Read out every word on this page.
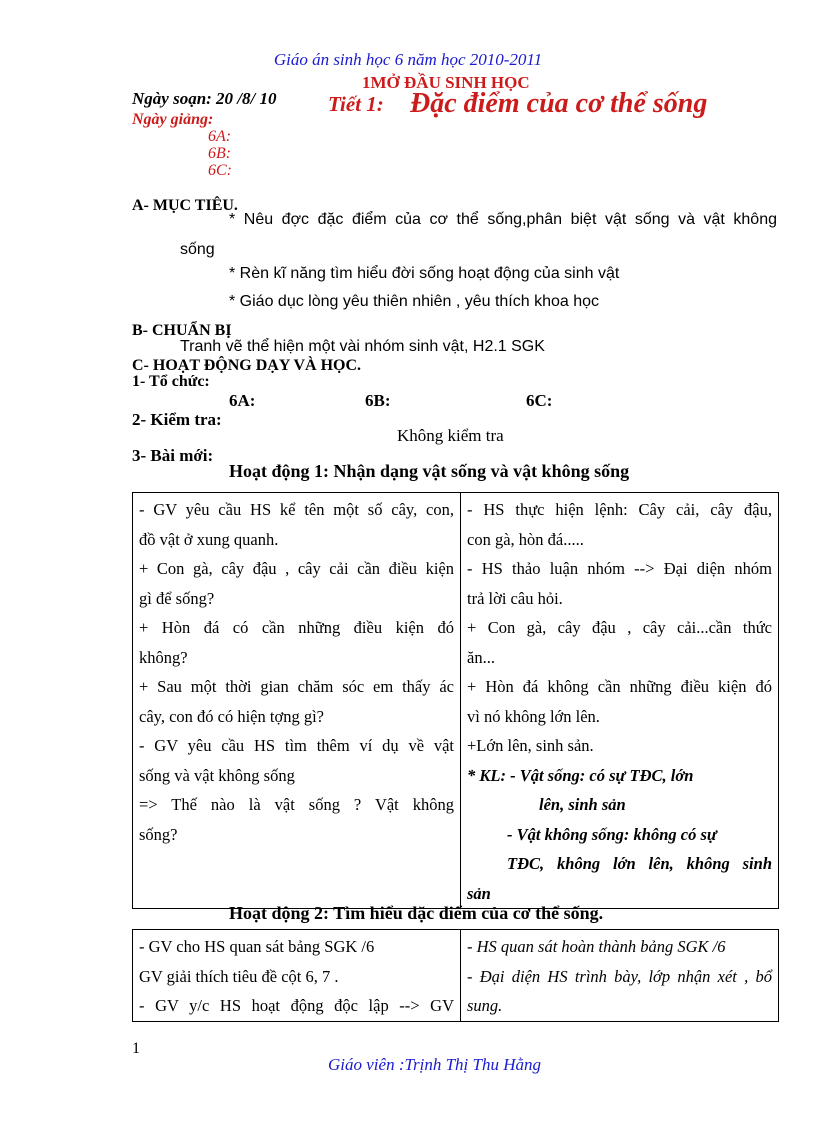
Giáo án sinh học 6 năm học 2010-2011
1MỞ ĐẦU SINH HỌC
Ngày soạn: 20 /8/ 10 Tiết 1: Đặc điểm của cơ thể sống
Ngày giảng:
6A:
6B:
6C:
A- MỤC TIÊU.
* Nêu đợc đặc điểm của cơ thể sống,phân biệt vật sống và vật không
sống
* Rèn kĩ năng tìm hiểu đời sống hoạt động của sinh vật
* Giáo dục lòng yêu thiên nhiên , yêu thích khoa học
B- CHUẨN BỊ
Tranh vẽ thể hiện một vài nhóm sinh vật, H2.1 SGK
C- HOẠT ĐỘNG DẠY VÀ HỌC.
1- Tổ chức:
6A:	6B:	6C:
2- Kiểm tra:
Không kiểm tra
3- Bài mới:
Hoạt động 1: Nhận dạng vật sống và vật không sống
- GV yêu cầu HS kể tên một số cây, con,
đồ vật ở xung quanh.
+ Con gà, cây đậu , cây cải cần điều kiện
gì để sống?
+ Hòn đá có cần những điều kiện đó
không?
+ Sau một thời gian chăm sóc em thấy ác
cây, con đó có hiện tợng gì?
- GV yêu cầu HS tìm thêm ví dụ về vật
sống và vật không sống
=> Thế nào là vật sống ? Vật không
sống?

- HS thực hiện lệnh: Cây cải, cây đậu,
con gà, hòn đá.....
- HS thảo luận nhóm --> Đại diện nhóm
trả lời câu hỏi.
+ Con gà, cây đậu , cây cải...cần thức
ăn...
+ Hòn đá không cần những điều kiện đó
vì nó không lớn lên.
+Lớn lên, sinh sản.
* KL: - Vật sống: có sự TĐC, lớn
lên, sinh sản
- Vật không sống: không có sự
TĐC, không lớn lên, không sinh
sản
Hoạt động 2: Tìm hiểu đặc điểm của cơ thể sống.
- GV cho HS quan sát bảng SGK /6
GV giải thích tiêu đề cột 6, 7 .
- GV y/c HS hoạt động độc lập --> GV

- HS quan sát hoàn thành bảng SGK /6
- Đại diện HS trình bày, lớp nhận xét , bổ
sung.
1
Giáo viên :Trịnh Thị Thu Hằng
